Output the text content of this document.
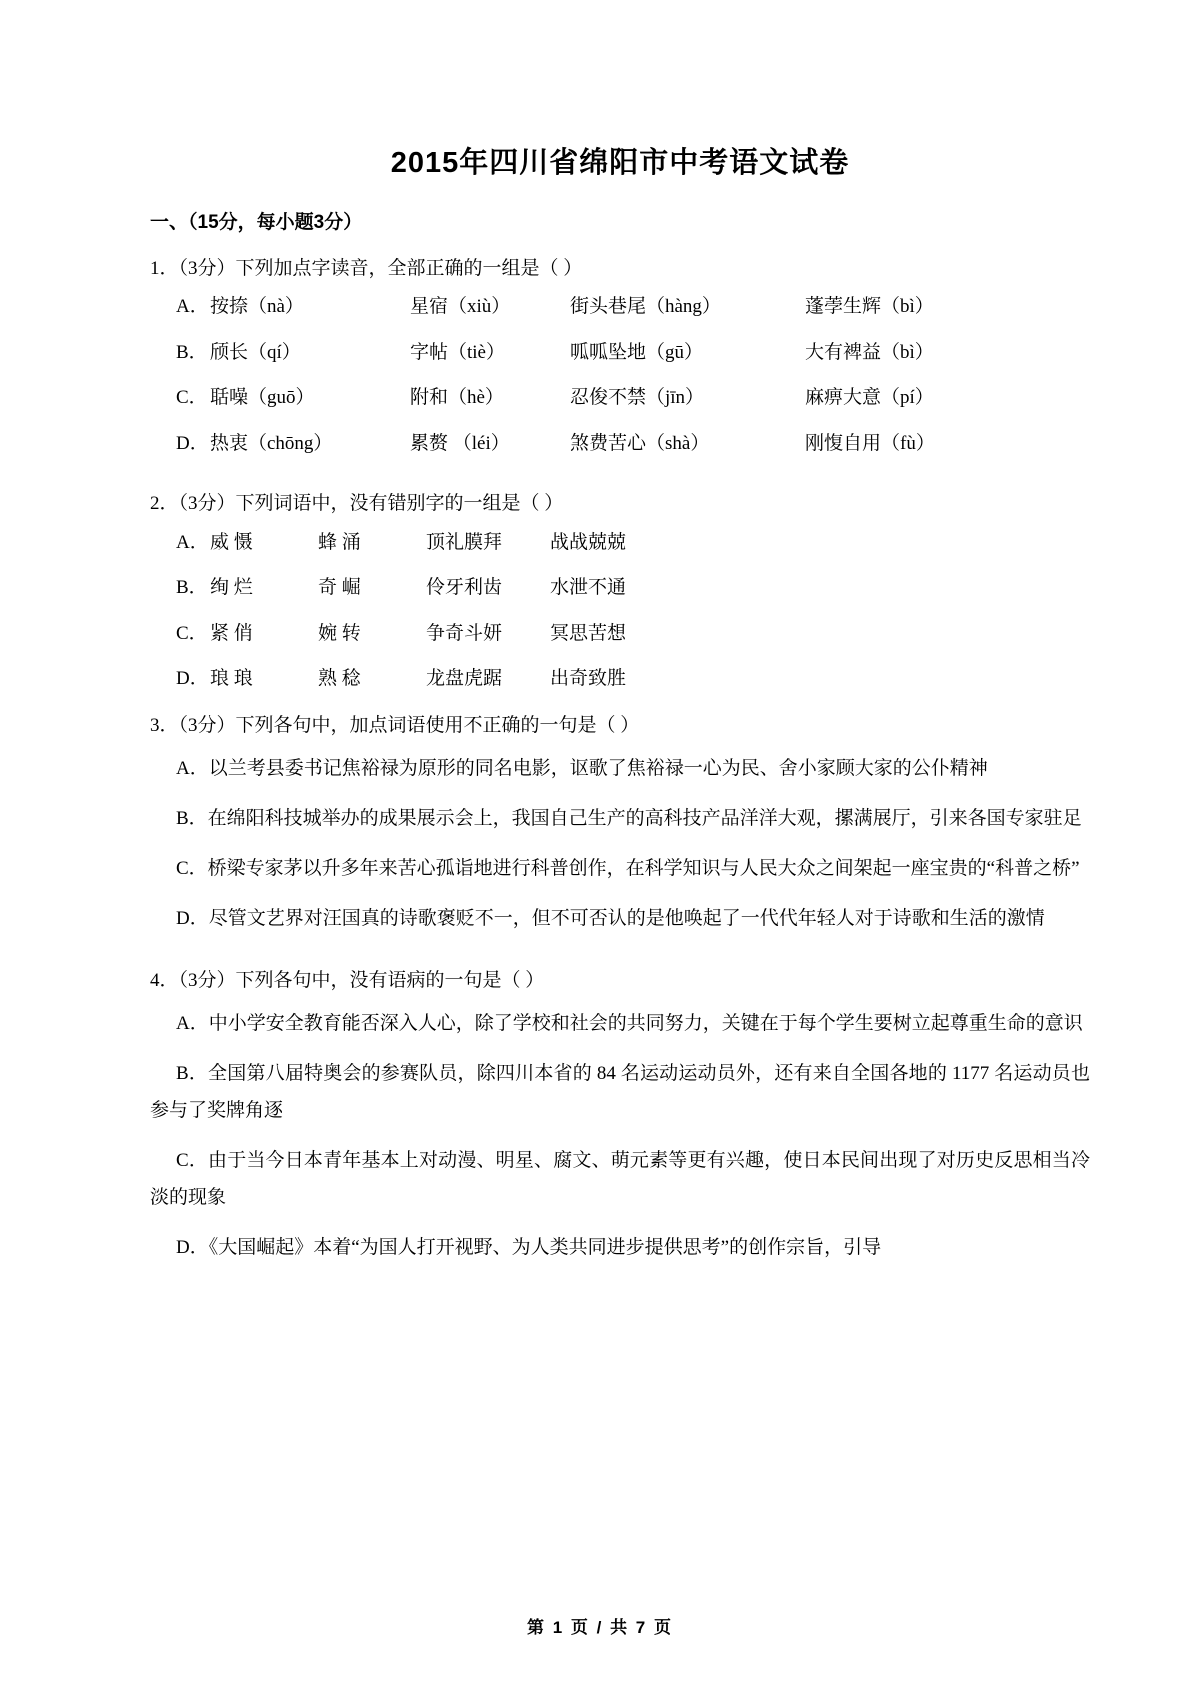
2015年四川省绵阳市中考语文试卷
一、（15分，每小题3分）
1．（3分）下列加点字读音，全部正确的一组是（ ）
A． 按捺（nà）	星宿（xiù）	街头巷尾（hàng）	蓬荸生辉（bì）
B． 颀长（qí）	字帖（tiè）	呱呱坠地（gū）	大有裨益（bì）
C． 聒噪（guō）	附和（hè）	忍俊不禁（jīn）	麻痹大意（pí）
D． 热衷（chōng）	累赘 （léi）	煞费苦心（shà）	刚愎自用（fù）
2．（3分）下列词语中，没有错别字的一组是（ ）
A． 威 慑	蜂 涌	顶礼膜拜	战战兢兢
B． 绚 烂	奇 崛	伶牙利齿	水泄不通
C． 紧 俏	婉 转	争奇斗妍	冥思苦想
D． 琅 琅	熟 稔	龙盘虎踞	出奇致胜
3．（3分）下列各句中，加点词语使用不正确的一句是（ ）

A．以兰考县委书记焦裕禄为原形的同名电影，讴歌了焦裕禄一心为民、舍小家顾大家的公仆精神

B．在绵阳科技城举办的成果展示会上，我国自己生产的高科技产品洋洋大观，摞满展厅，引来各国专家驻足

C．桥梁专家茅以升多年来苦心孤诣地进行科普创作，在科学知识与人民大众之间架起一座宝贵的“科普之桥”

D．尽管文艺界对汪国真的诗歌褒贬不一，但不可否认的是他唤起了一代代年轻人对于诗歌和生活的激情

4．（3分）下列各句中，没有语病的一句是（ ）

A．中小学安全教育能否深入人心，除了学校和社会的共同努力，关键在于每个学生要树立起尊重生命的意识

B．全国第八届特奥会的参赛队员，除四川本省的 84 名运动运动员外，还有来自全国各地的 1177 名运动员也参与了奖牌角逐

C．由于当今日本青年基本上对动漫、明星、腐文、萌元素等更有兴趣，使日本民间出现了对历史反思相当冷淡的现象

D．《大国崛起》本着“为国人打开视野、为人类共同进步提供思考”的创作宗旨，引导

第 1 页 / 共 7 页
